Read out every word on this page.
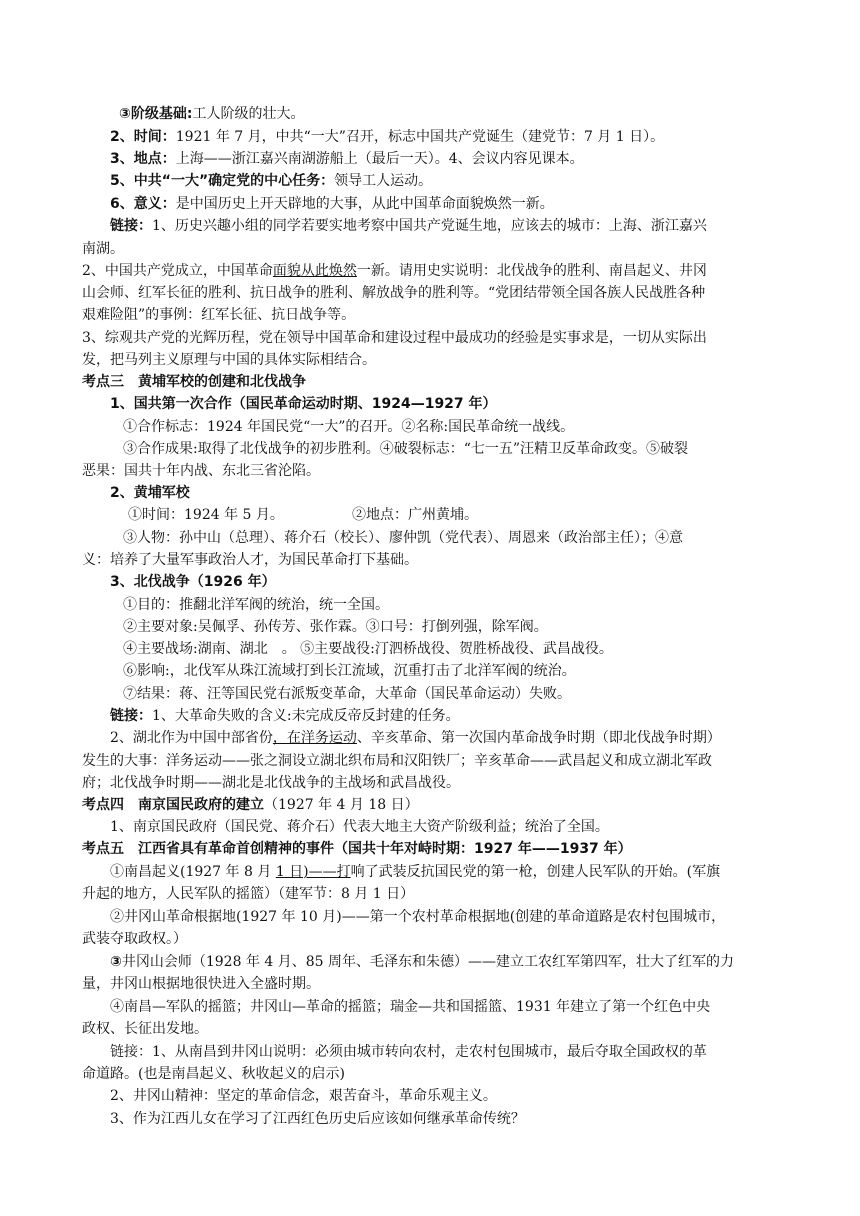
③阶级基础:工人阶级的壮大。
2、时间：1921 年 7 月，中共“一大”召开，标志中国共产党诞生（建党节：7 月 1 日）。
3、地点：上海——浙江嘉兴南湖游船上（最后一天）。4、会议内容见课本。
5、中共“一大”确定党的中心任务：领导工人运动。
6、意义：是中国历史上开天辟地的大事，从此中国革命面貌焕然一新。
链接：1、历史兴趣小组的同学若要实地考察中国共产党诞生地，应该去的城市：上海、浙江嘉兴
南湖。
2、中国共产党成立，中国革命面貌从此焕然一新。请用史实说明：北伐战争的胜利、南昌起义、井冈
山会师、红军长征的胜利、抗日战争的胜利、解放战争的胜利等。“党团结带领全国各族人民战胜各种
艰难险阻”的事例：红军长征、抗日战争等。
3、综观共产党的光辉历程，党在领导中国革命和建设过程中最成功的经验是实事求是，一切从实际出
发，把马列主义原理与中国的具体实际相结合。
考点三　黄埔军校的创建和北伐战争
1、国共第一次合作（国民革命运动时期、1924—1927 年）
①合作标志：1924 年国民党“一大”的召开。②名称:国民革命统一战线。
③合作成果:取得了北伐战争的初步胜利。④破裂标志：“七一五”汪精卫反革命政变。⑤破裂
恶果：国共十年内战、东北三省沦陷。
2、黄埔军校
①时间：1924 年 5 月。	②地点：广州黄埔。
③人物：孙中山（总理）、蒋介石（校长）、廖仲凯（党代表）、周恩来（政治部主任）；④意
义：培养了大量军事政治人才，为国民革命打下基础。
3、北伐战争（1926 年）
①目的：推翻北洋军阀的统治，统一全国。
②主要对象:吴佩孚、孙传芳、张作霖。③口号：打倒列强，除军阀。
④主要战场:湖南、湖北　。 ⑤主要战役:汀泗桥战役、贺胜桥战役、武昌战役。
⑥影响:，北伐军从珠江流域打到长江流域，沉重打击了北洋军阀的统治。
⑦结果：蒋、汪等国民党右派叛变革命，大革命（国民革命运动）失败。
链接：1、大革命失败的含义:未完成反帝反封建的任务。
2、湖北作为中国中部省份，在洋务运动、辛亥革命、第一次国内革命战争时期（即北伐战争时期）
发生的大事：洋务运动——张之洞设立湖北织布局和汉阳铁厂；辛亥革命——武昌起义和成立湖北军政
府；北伐战争时期——湖北是北伐战争的主战场和武昌战役。
考点四　南京国民政府的建立（1927 年 4 月 18 日）
1、南京国民政府（国民党、蒋介石）代表大地主大资产阶级利益；统治了全国。
考点五　江西省具有革命首创精神的事件（国共十年对峙时期：1927 年——1937 年）
①南昌起义(1927 年 8 月 1 日)——打响了武装反抗国民党的第一枪，创建人民军队的开始。(军旗
升起的地方，人民军队的摇篮）（建军节：8 月 1 日）
②井冈山革命根据地(1927 年 10 月)——第一个农村革命根据地(创建的革命道路是农村包围城市，
武装夺取政权。）
③井冈山会师（1928 年 4 月、85 周年、毛泽东和朱德）——建立工农红军第四军，壮大了红军的力
量，井冈山根据地很快进入全盛时期。
④南昌—军队的摇篮；井冈山—革命的摇篮；瑞金—共和国摇篮、1931 年建立了第一个红色中央
政权、长征出发地。
链接：1、从南昌到井冈山说明：必须由城市转向农村，走农村包围城市，最后夺取全国政权的革
命道路。(也是南昌起义、秋收起义的启示)
2、井冈山精神：坚定的革命信念，艰苦奋斗，革命乐观主义。
3、作为江西儿女在学习了江西红色历史后应该如何继承革命传统？
